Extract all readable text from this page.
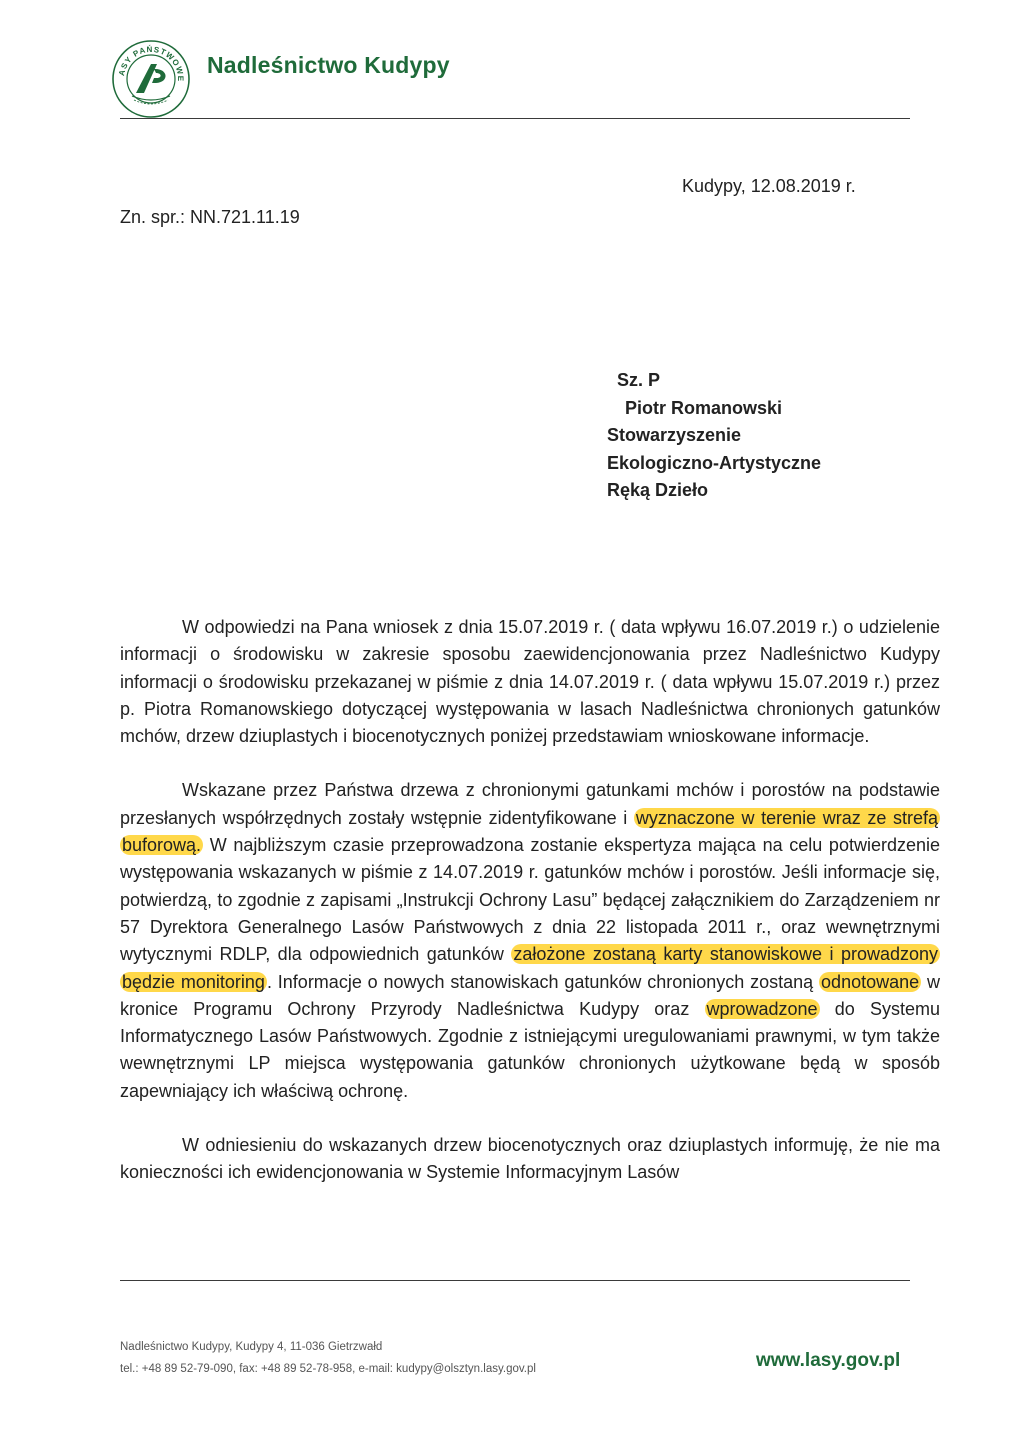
ASY PAŃSTWOWE
Nadleśnictwo Kudypy
Kudypy, 12.08.2019 r.
Zn. spr.: NN.721.11.19
Sz. P
Piotr Romanowski
Stowarzyszenie
Ekologiczno-Artystyczne
Ręką Dzieło

W odpowiedzi na Pana wniosek z dnia 15.07.2019 r. ( data wpływu 16.07.2019 r.) o udzielenie informacji o środowisku w zakresie sposobu zaewidencjonowania przez Nadleśnictwo Kudypy informacji o środowisku przekazanej w piśmie z dnia 14.07.2019 r. ( data wpływu 15.07.2019 r.) przez p. Piotra Romanowskiego dotyczącej występowania w lasach Nadleśnictwa chronionych gatunków mchów, drzew dziuplastych i biocenotycznych poniżej przedstawiam wnioskowane informacje.

Wskazane przez Państwa drzewa z chronionymi gatunkami mchów i porostów na podstawie przesłanych współrzędnych zostały wstępnie zidentyfikowane i wyznaczone w terenie wraz ze strefą buforową. W najbliższym czasie przeprowadzona zostanie ekspertyza mająca na celu potwierdzenie występowania wskazanych w piśmie z 14.07.2019 r. gatunków mchów i porostów. Jeśli informacje się, potwierdzą, to zgodnie z zapisami „Instrukcji Ochrony Lasu” będącej załącznikiem do Zarządzeniem nr 57 Dyrektora Generalnego Lasów Państwowych z dnia 22 listopada 2011 r., oraz wewnętrznymi wytycznymi RDLP, dla odpowiednich gatunków założone zostaną karty stanowiskowe i prowadzony będzie monitoring . Informacje o nowych stanowiskach gatunków chronionych zostaną odnotowane w kronice Programu Ochrony Przyrody Nadleśnictwa Kudypy oraz wprowadzone do Systemu Informatycznego Lasów Państwowych. Zgodnie z istniejącymi uregulowaniami prawnymi, w tym także wewnętrznymi LP miejsca występowania gatunków chronionych użytkowane będą w sposób zapewniający ich właściwą ochronę.

W odniesieniu do wskazanych drzew biocenotycznych oraz dziuplastych informuję, że nie ma konieczności ich ewidencjonowania w Systemie Informacyjnym Lasów

Nadleśnictwo Kudypy, Kudypy 4, 11-036 Gietrzwałd
tel.: +48 89 52-79-090, fax: +48 89 52-78-958, e-mail: kudypy@olsztyn.lasy.gov.pl	www.lasy.gov.pl
